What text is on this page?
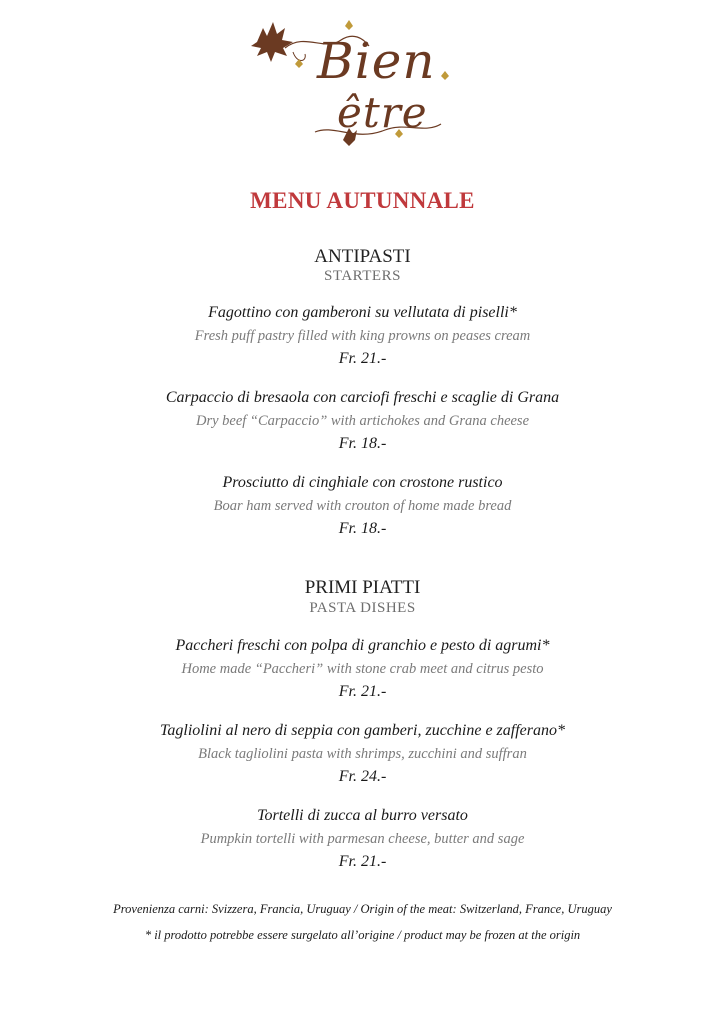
Bien
être
MENU AUTUNNALE
ANTIPASTI
STARTERS
Fagottino con gamberoni su vellutata di piselli*
Fresh puff pastry filled with king prowns on peases cream
Fr. 21.-
Carpaccio di bresaola con carciofi freschi e scaglie di Grana
Dry beef “Carpaccio” with artichokes and Grana cheese
Fr. 18.-
Prosciutto di cinghiale con crostone rustico
Boar ham served with crouton of home made bread
Fr. 18.-
PRIMI PIATTI
PASTA DISHES
Paccheri freschi con polpa di granchio e pesto di agrumi*
Home made “Paccheri” with stone crab meet and citrus pesto
Fr. 21.-
Tagliolini al nero di seppia con gamberi, zucchine e zafferano*
Black tagliolini pasta with shrimps, zucchini and suffran
Fr. 24.-
Tortelli di zucca al burro versato
Pumpkin tortelli with parmesan cheese, butter and sage
Fr. 21.-
Provenienza carni: Svizzera, Francia, Uruguay / Origin of the meat: Switzerland, France, Uruguay
* il prodotto potrebbe essere surgelato all’origine / product may be frozen at the origin
